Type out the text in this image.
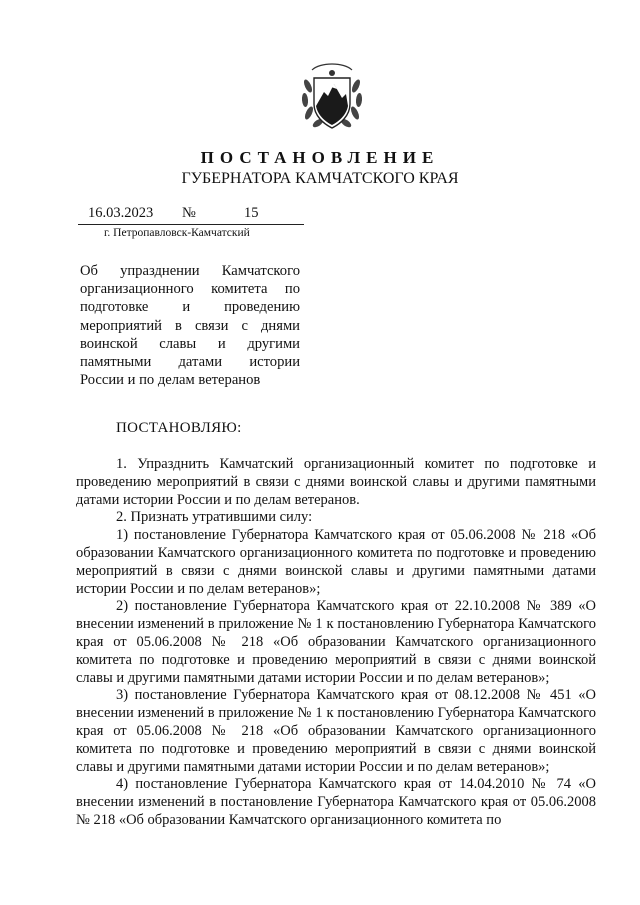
ПОСТАНОВЛЕНИЕ
ГУБЕРНАТОРА КАМЧАТСКОГО КРАЯ
16.03.2023 №	15
г. Петропавловск-Камчатский
Об упразднении Камчатского организационного комитета по подготовке и проведению мероприятий в связи с днями воинской славы и другими памятными датами истории России и по делам ветеранов
ПОСТАНОВЛЯЮ:

1. Упразднить Камчатский организационный комитет по подготовке и проведению мероприятий в связи с днями воинской славы и другими памятными датами истории России и по делам ветеранов.

2. Признать утратившими силу:

1) постановление Губернатора Камчатского края от 05.06.2008 № 218 «Об образовании Камчатского организационного комитета по подготовке и проведению мероприятий в связи с днями воинской славы и другими памятными датами истории России и по делам ветеранов»;

2) постановление Губернатора Камчатского края от 22.10.2008 № 389 «О внесении изменений в приложение № 1 к постановлению Губернатора Камчатского края от 05.06.2008 № 218 «Об образовании Камчатского организационного комитета по подготовке и проведению мероприятий в связи с днями воинской славы и другими памятными датами истории России и по делам ветеранов»;

3) постановление Губернатора Камчатского края от 08.12.2008 № 451 «О внесении изменений в приложение № 1 к постановлению Губернатора Камчатского края от 05.06.2008 № 218 «Об образовании Камчатского организационного комитета по подготовке и проведению мероприятий в связи с днями воинской славы и другими памятными датами истории России и по делам ветеранов»;

4) постановление Губернатора Камчатского края от 14.04.2010 № 74 «О внесении изменений в постановление Губернатора Камчатского края от 05.06.2008 № 218 «Об образовании Камчатского организационного комитета по
